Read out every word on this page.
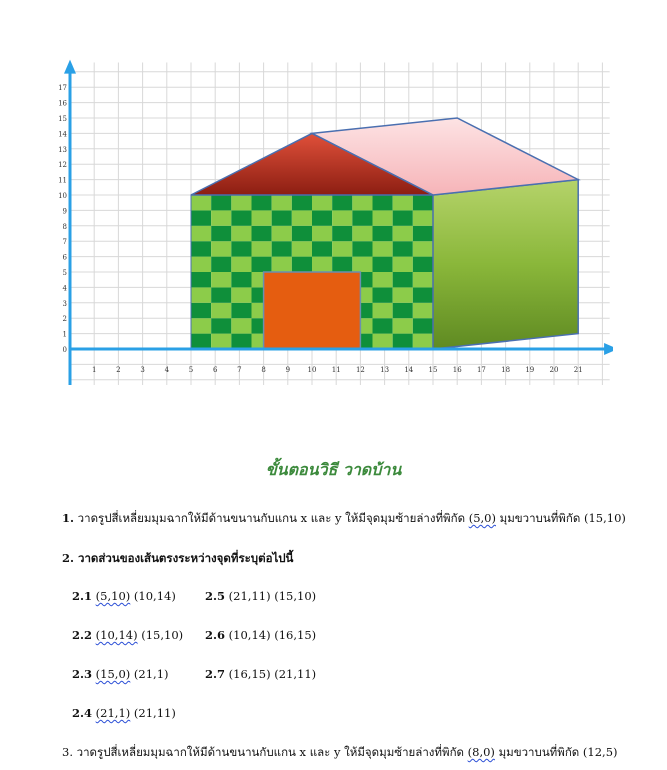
0
1
2
3
4
5
6
7
8
9
10
11
12
13
14
15
16
17
1	2	3	4	5	6	7	8	9	10 11 12 13 14 15 16 17 18 19 20 21
ขั้นตอนวิธี วาดบ้าน
1. วาดรูปสี่เหลี่ยมมุมฉากให้มีด้านขนานกับแกน x และ y ให้มีจุดมุมซ้ายล่างที่พิกัด (5,0) มุมขวาบนที่พิกัด (15,10)
2. วาดส่วนของเส้นตรงระหว่างจุดที่ระบุต่อไปนี้
2.1 (5,10) (10,14)	2.5 (21,11) (15,10)
2.2 (10,14) (15,10) 2.6 (10,14) (16,15)
2.3 (15,0) (21,1)	2.7 (16,15) (21,11)
2.4 (21,1) (21,11)
3. วาดรูปสี่เหลี่ยมมุมฉากให้มีด้านขนานกับแกน x และ y ให้มีจุดมุมซ้ายล่างที่พิกัด (8,0) มุมขวาบนที่พิกัด (12,5)
